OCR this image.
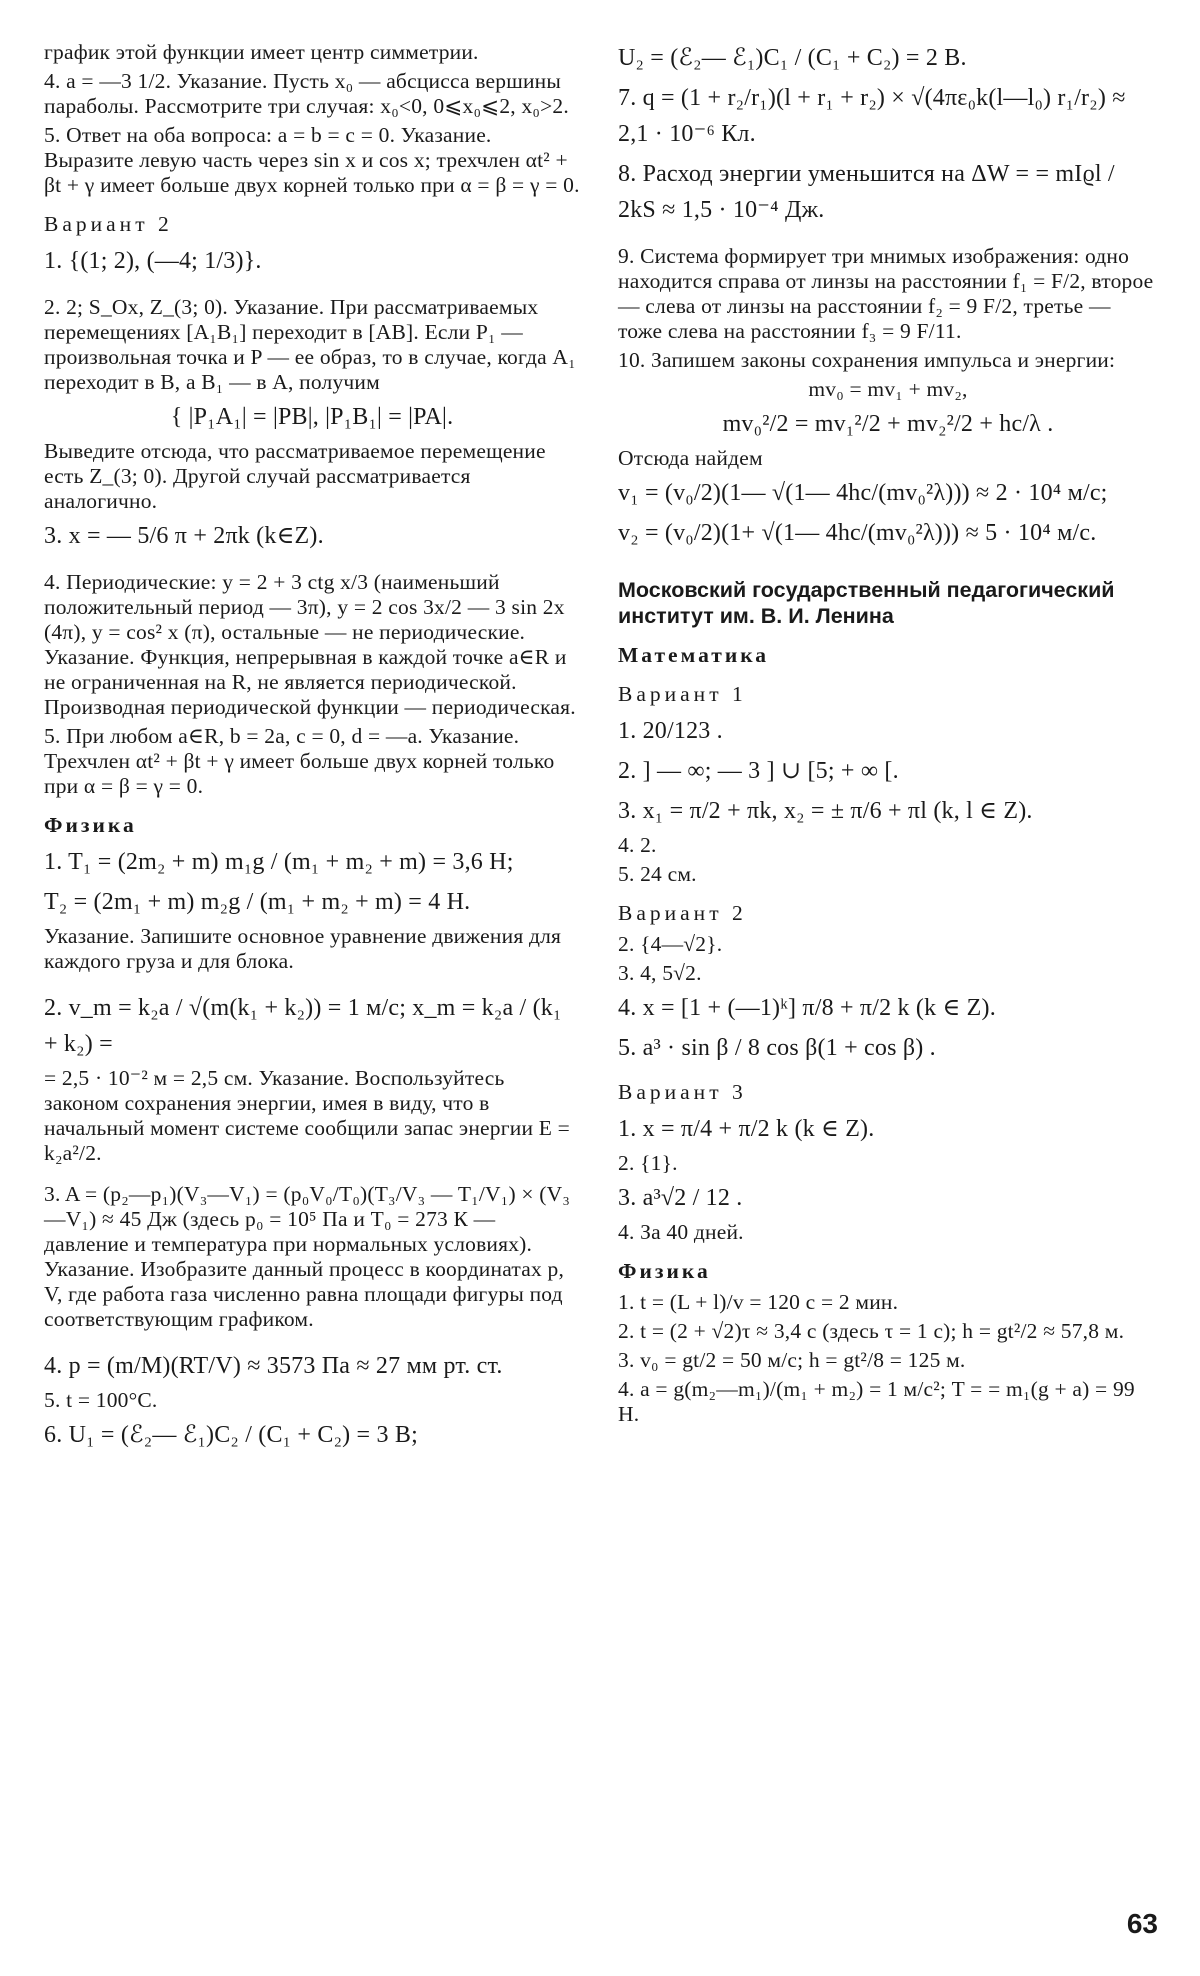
график этой функции имеет центр симметрии.

4. a = —3 1/2. Указание. Пусть x₀ — абсцисса вершины параболы. Рассмотрите три случая: x₀<0, 0⩽x₀⩽2, x₀>2.

5. Ответ на оба вопроса: a = b = c = 0. Указание. Выразите левую часть через sin x и cos x; трехчлен αt² + βt + γ имеет больше двух корней только при α = β = γ = 0.

Вариант 2

1. {(1; 2), (—4; 1/3)}.

2. 2; S_Ox, Z_(3; 0). Указание. При рассматриваемых перемещениях [A₁B₁] переходит в [AB]. Если P₁ — произвольная точка и P — ее образ, то в случае, когда A₁ переходит в B, а B₁ — в A, получим

{ |P₁A₁| = |PB|, |P₁B₁| = |PA|.

Выведите отсюда, что рассматриваемое перемещение есть Z_(3; 0). Другой случай рассматривается аналогично.

3. x = — 5/6 π + 2πk (k∈Z).

4. Периодические: y = 2 + 3 ctg x/3 (наименьший положительный период — 3π), y = 2 cos 3x/2 — 3 sin 2x (4π), y = cos² x (π), остальные — не периодические. Указание. Функция, непрерывная в каждой точке a∈R и не ограниченная на R, не является периодической. Производная периодической функции — периодическая.

5. При любом a∈R, b = 2a, c = 0, d = —a. Указание. Трехчлен αt² + βt + γ имеет больше двух корней только при α = β = γ = 0.

Физика

1. T₁ = (2m₂ + m) m₁g / (m₁ + m₂ + m) = 3,6 Н;

T₂ = (2m₁ + m) m₂g / (m₁ + m₂ + m) = 4 Н.

Указание. Запишите основное уравнение движения для каждого груза и для блока.

2. v_m = k₂a / √(m(k₁ + k₂)) = 1 м/с; x_m = k₂a / (k₁ + k₂) =

= 2,5 · 10⁻² м = 2,5 см. Указание. Воспользуйтесь законом сохранения энергии, имея в виду, что в начальный момент системе сообщили запас энергии E = k₂a²/2.

3. A = (p₂—p₁)(V₃—V₁) = (p₀V₀/T₀)(T₃/V₃ — T₁/V₁) × (V₃—V₁) ≈ 45 Дж (здесь p₀ = 10⁵ Па и T₀ = 273 К — давление и температура при нормальных условиях). Указание. Изобразите данный процесс в координатах p, V, где работа газа численно равна площади фигуры под соответствующим графиком.

4. p = (m/M)(RT/V) ≈ 3573 Па ≈ 27 мм рт. ст.

5. t = 100°C.

6. U₁ = (ℰ₂— ℰ₁)C₂ / (C₁ + C₂) = 3 В;

U₂ = (ℰ₂— ℰ₁)C₁ / (C₁ + C₂) = 2 В.

7. q = (1 + r₂/r₁)(l + r₁ + r₂) × √(4πε₀k(l—l₀) r₁/r₂) ≈ 2,1 · 10⁻⁶ Кл.

8. Расход энергии уменьшится на ΔW = = mIϱl / 2kS ≈ 1,5 · 10⁻⁴ Дж.

9. Система формирует три мнимых изображения: одно находится справа от линзы на расстоянии f₁ = F/2, второе — слева от линзы на расстоянии f₂ = 9 F/2, третье — тоже слева на расстоянии f₃ = 9 F/11.

10. Запишем законы сохранения импульса и энергии:

mv₀ = mv₁ + mv₂,

mv₀²/2 = mv₁²/2 + mv₂²/2 + hc/λ .

Отсюда найдем

v₁ = (v₀/2)(1— √(1— 4hc/(mv₀²λ))) ≈ 2 · 10⁴ м/с;

v₂ = (v₀/2)(1+ √(1— 4hc/(mv₀²λ))) ≈ 5 · 10⁴ м/с.

Московский государственный педагогический институт им. В. И. Ленина
Математика
Вариант 1

1. 20/123 .

2. ] — ∞; — 3 ] ∪ [5; + ∞ [.

3. x₁ = π/2 + πk, x₂ = ± π/6 + πl (k, l ∈ Z).

4. 2.

5. 24 см.

Вариант 2

2. {4—√2}.

3. 4, 5√2.

4. x = [1 + (—1)ᵏ] π/8 + π/2 k (k ∈ Z).

5. a³ · sin β / 8 cos β(1 + cos β) .

Вариант 3

1. x = π/4 + π/2 k (k ∈ Z).

2. {1}.

3. a³√2 / 12 .

4. За 40 дней.

Физика

1. t = (L + l)/v = 120 с = 2 мин.

2. t = (2 + √2)τ ≈ 3,4 с (здесь τ = 1 с); h = gt²/2 ≈ 57,8 м.

3. v₀ = gt/2 = 50 м/с; h = gt²/8 = 125 м.

4. a = g(m₂—m₁)/(m₁ + m₂) = 1 м/с²; T = = m₁(g + a) = 99 Н.

63
